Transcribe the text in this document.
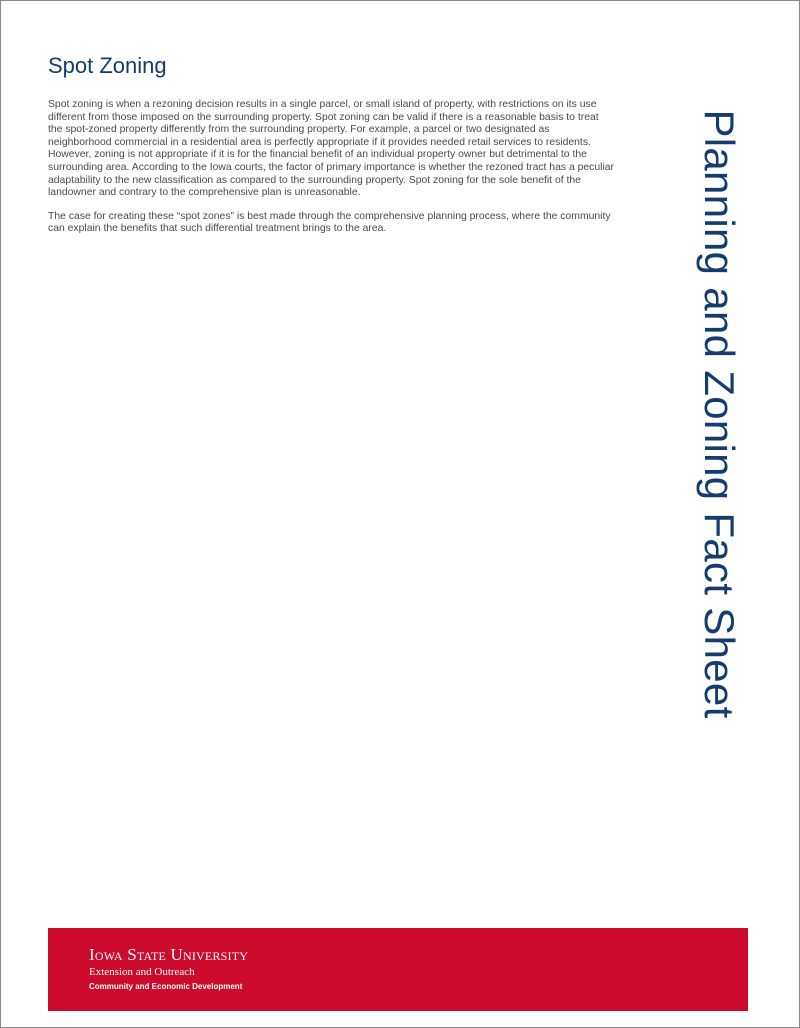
Spot Zoning

Spot zoning is when a rezoning decision results in a single parcel, or small island of property, with restrictions on its use different from those imposed on the surrounding property. Spot zoning can be valid if there is a reasonable basis to treat the spot-zoned property differently from the surrounding property. For example, a parcel or two designated as neighborhood commercial in a residential area is perfectly appropriate if it provides needed retail services to residents. However, zoning is not appropriate if it is for the financial benefit of an individual property owner but detrimental to the surrounding area. According to the Iowa courts, the factor of primary importance is whether the rezoned tract has a peculiar adaptability to the new classification as compared to the surrounding property. Spot zoning for the sole benefit of the landowner and contrary to the comprehensive plan is unreasonable.

The case for creating these “spot zones” is best made through the comprehensive planning process, where the community can explain the benefits that such differential treatment brings to the area.	Planning and Zoning Fact Sheet
Iowa State University
Extension and Outreach
Community and Economic Development
